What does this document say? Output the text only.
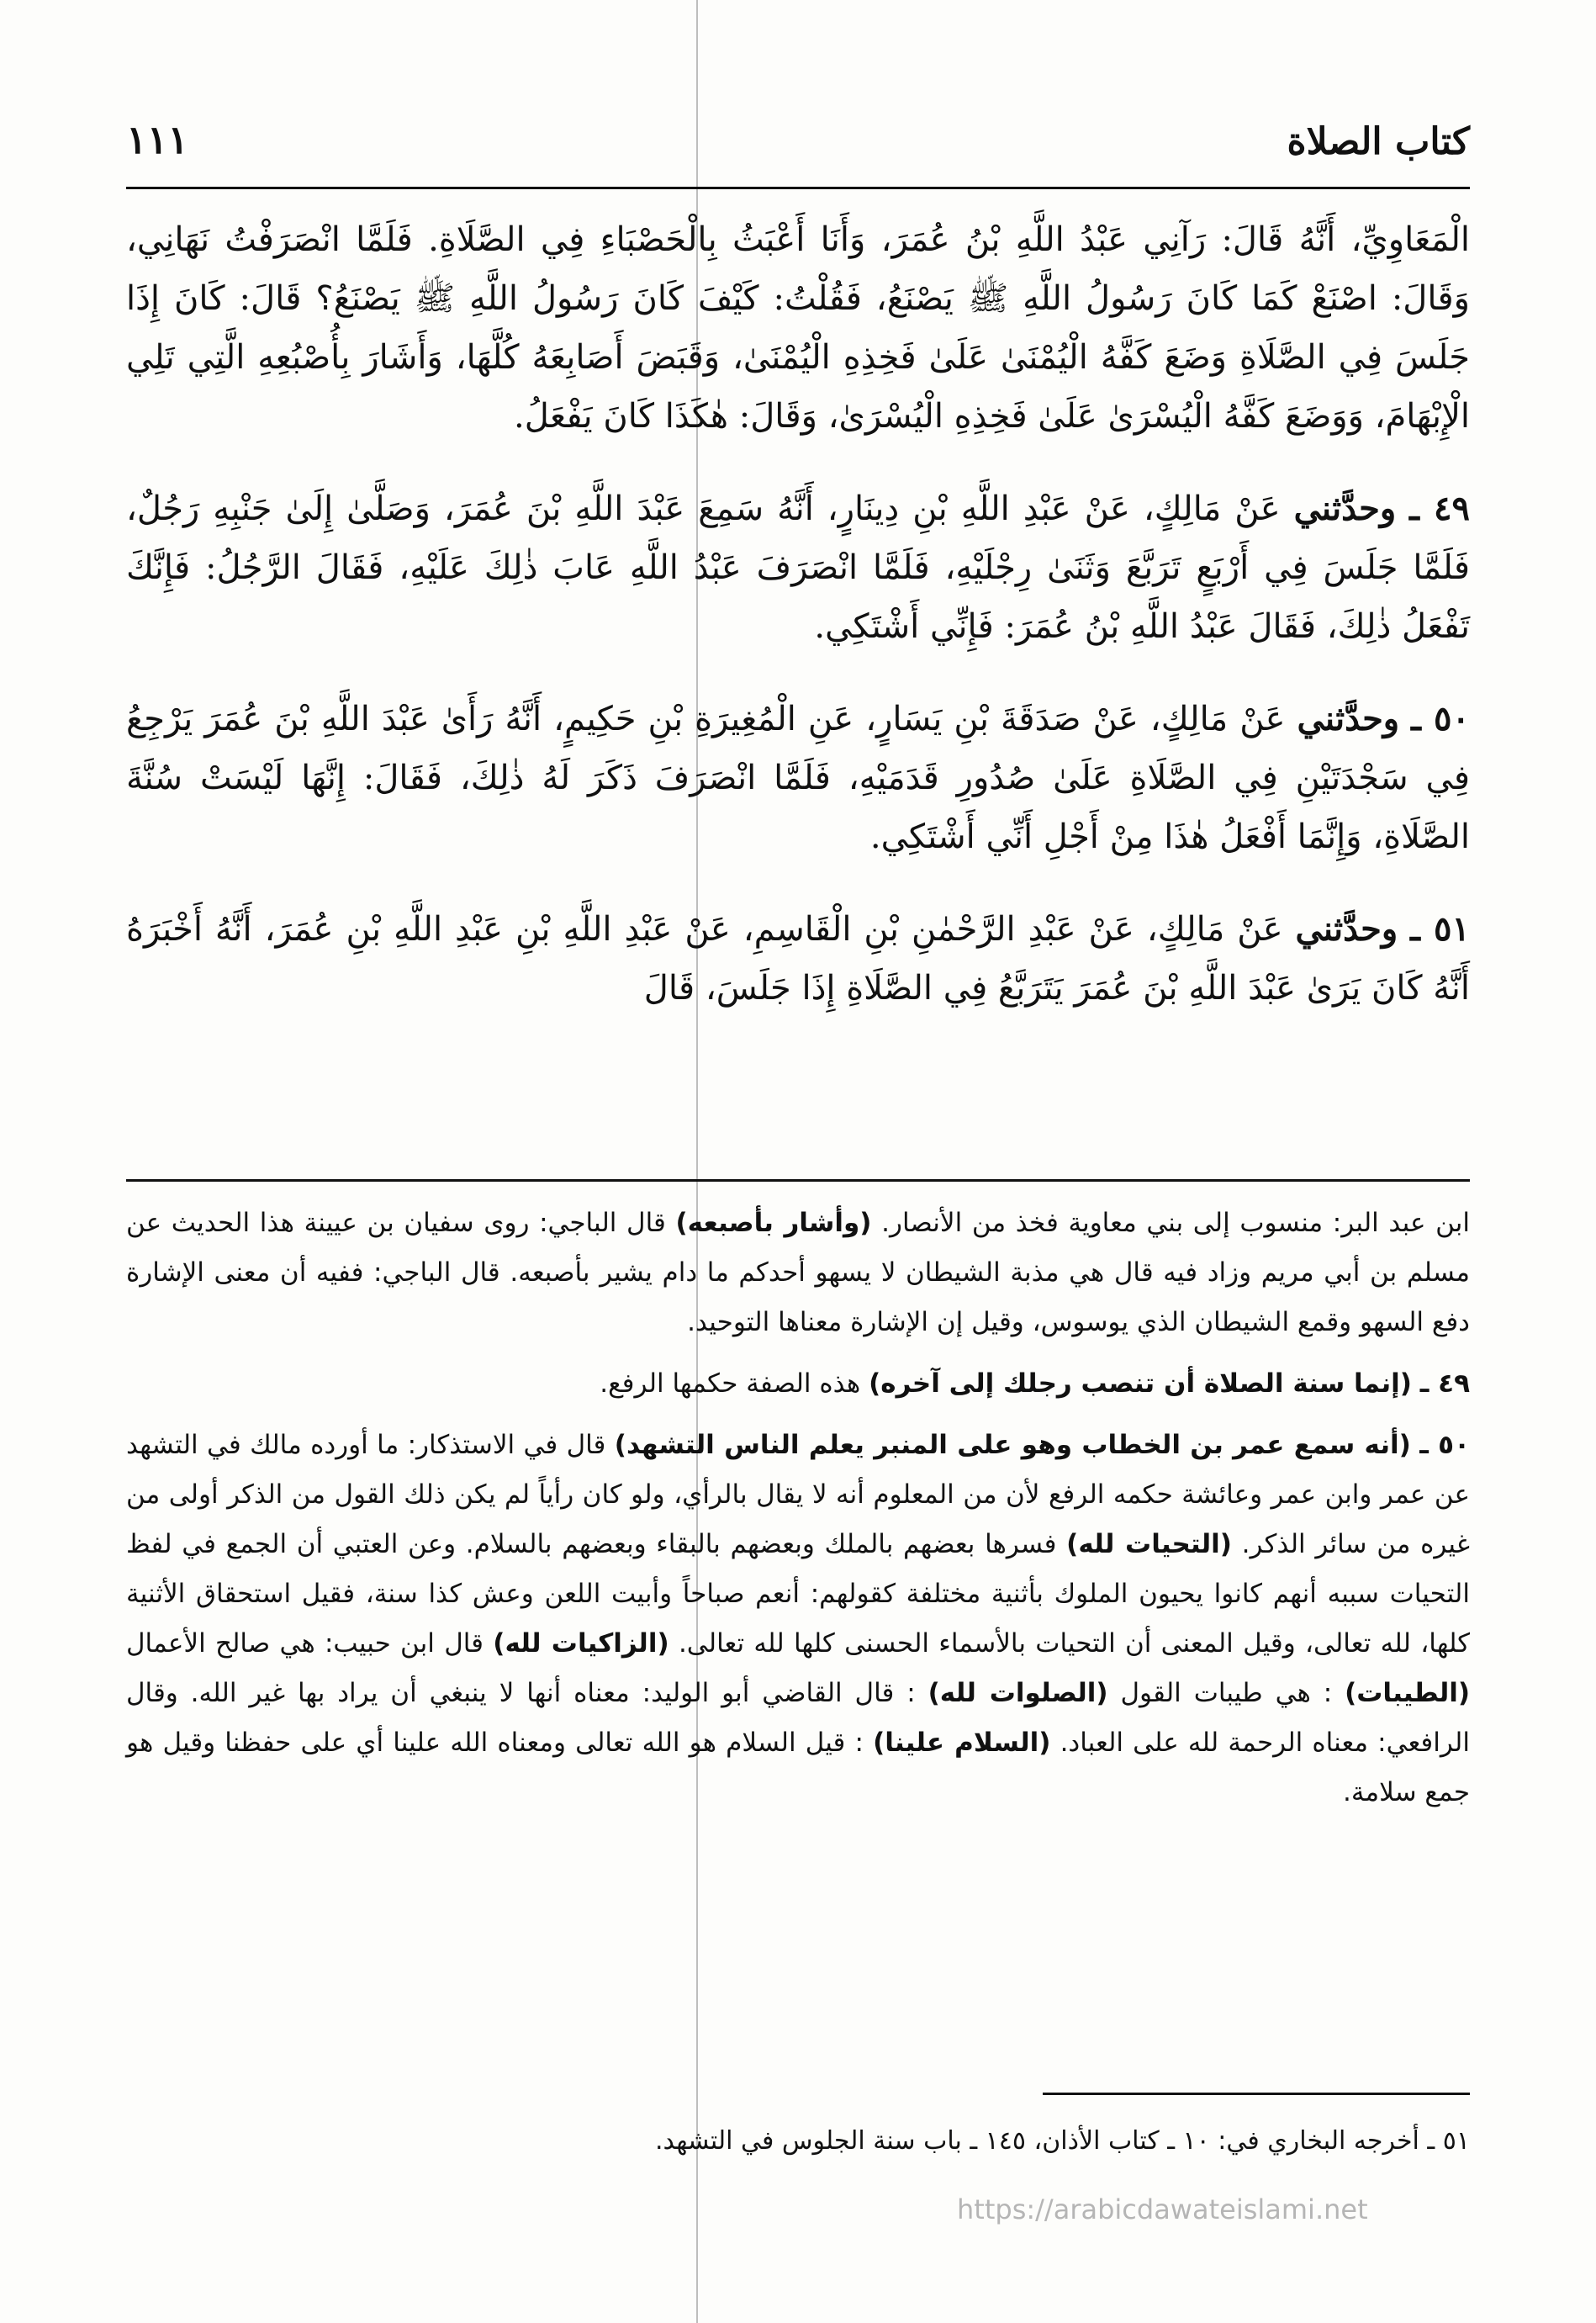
كتاب الصلاة
١١١

الْمَعَاوِيِّ، أَنَّهُ قَالَ: رَآنِي عَبْدُ اللَّهِ بْنُ عُمَرَ، وَأَنَا أَعْبَثُ بِالْحَصْبَاءِ فِي الصَّلَاةِ. فَلَمَّا انْصَرَفْتُ نَهَانِي، وَقَالَ: اصْنَعْ كَمَا كَانَ رَسُولُ اللَّهِ ﷺ يَصْنَعُ، فَقُلْتُ: كَيْفَ كَانَ رَسُولُ اللَّهِ ﷺ يَصْنَعُ؟ قَالَ: كَانَ إِذَا جَلَسَ فِي الصَّلَاةِ وَضَعَ كَفَّهُ الْيُمْنَىٰ عَلَىٰ فَخِذِهِ الْيُمْنَىٰ، وَقَبَضَ أَصَابِعَهُ كُلَّهَا، وَأَشَارَ بِأُصْبُعِهِ الَّتِي تَلِي الْإِبْهَامَ، وَوَضَعَ كَفَّهُ الْيُسْرَىٰ عَلَىٰ فَخِذِهِ الْيُسْرَىٰ، وَقَالَ: هٰكَذَا كَانَ يَفْعَلُ.

٤٩ ـ وحدَّثني عَنْ مَالِكٍ، عَنْ عَبْدِ اللَّهِ بْنِ دِينَارٍ، أَنَّهُ سَمِعَ عَبْدَ اللَّهِ بْنَ عُمَرَ، وَصَلَّىٰ إِلَىٰ جَنْبِهِ رَجُلٌ، فَلَمَّا جَلَسَ فِي أَرْبَعٍ تَرَبَّعَ وَثَنَىٰ رِجْلَيْهِ، فَلَمَّا انْصَرَفَ عَبْدُ اللَّهِ عَابَ ذٰلِكَ عَلَيْهِ، فَقَالَ الرَّجُلُ: فَإِنَّكَ تَفْعَلُ ذٰلِكَ، فَقَالَ عَبْدُ اللَّهِ بْنُ عُمَرَ: فَإِنِّي أَشْتَكِي.

٥٠ ـ وحدَّثني عَنْ مَالِكٍ، عَنْ صَدَقَةَ بْنِ يَسَارٍ، عَنِ الْمُغِيرَةِ بْنِ حَكِيمٍ، أَنَّهُ رَأَىٰ عَبْدَ اللَّهِ بْنَ عُمَرَ يَرْجِعُ فِي سَجْدَتَيْنِ فِي الصَّلَاةِ عَلَىٰ صُدُورِ قَدَمَيْهِ، فَلَمَّا انْصَرَفَ ذَكَرَ لَهُ ذٰلِكَ، فَقَالَ: إِنَّهَا لَيْسَتْ سُنَّةَ الصَّلَاةِ، وَإِنَّمَا أَفْعَلُ هٰذَا مِنْ أَجْلِ أَنِّي أَشْتَكِي.

٥١ ـ وحدَّثني عَنْ مَالِكٍ، عَنْ عَبْدِ الرَّحْمٰنِ بْنِ الْقَاسِمِ، عَنْ عَبْدِ اللَّهِ بْنِ عَبْدِ اللَّهِ بْنِ عُمَرَ، أَنَّهُ أَخْبَرَهُ أَنَّهُ كَانَ يَرَىٰ عَبْدَ اللَّهِ بْنَ عُمَرَ يَتَرَبَّعُ فِي الصَّلَاةِ إِذَا جَلَسَ، قَالَ

ابن عبد البر: منسوب إلى بني معاوية فخذ من الأنصار. (وأشار بأصبعه) قال الباجي: روى سفيان بن عيينة هذا الحديث عن مسلم بن أبي مريم وزاد فيه قال هي مذبة الشيطان لا يسهو أحدكم ما دام يشير بأصبعه. قال الباجي: ففيه أن معنى الإشارة دفع السهو وقمع الشيطان الذي يوسوس، وقيل إن الإشارة معناها التوحيد.

٤٩ ـ (إنما سنة الصلاة أن تنصب رجلك إلى آخره) هذه الصفة حكمها الرفع.

٥٠ ـ (أنه سمع عمر بن الخطاب وهو على المنبر يعلم الناس التشهد) قال في الاستذكار: ما أورده مالك في التشهد عن عمر وابن عمر وعائشة حكمه الرفع لأن من المعلوم أنه لا يقال بالرأي، ولو كان رأياً لم يكن ذلك القول من الذكر أولى من غيره من سائر الذكر. (التحيات لله) فسرها بعضهم بالملك وبعضهم بالبقاء وبعضهم بالسلام. وعن العتبي أن الجمع في لفظ التحيات سببه أنهم كانوا يحيون الملوك بأثنية مختلفة كقولهم: أنعم صباحاً وأبيت اللعن وعش كذا سنة، فقيل استحقاق الأثنية كلها، لله تعالى، وقيل المعنى أن التحيات بالأسماء الحسنى كلها لله تعالى. (الزاكيات لله) قال ابن حبيب: هي صالح الأعمال (الطيبات) : هي طيبات القول (الصلوات لله) : قال القاضي أبو الوليد: معناه أنها لا ينبغي أن يراد بها غير الله. وقال الرافعي: معناه الرحمة لله على العباد. (السلام علينا) : قيل السلام هو الله تعالى ومعناه الله علينا أي على حفظنا وقيل هو جمع سلامة.

٥١ ـ أخرجه البخاري في: ١٠ ـ كتاب الأذان، ١٤٥ ـ باب سنة الجلوس في التشهد.
https://arabicdawateislami.net
